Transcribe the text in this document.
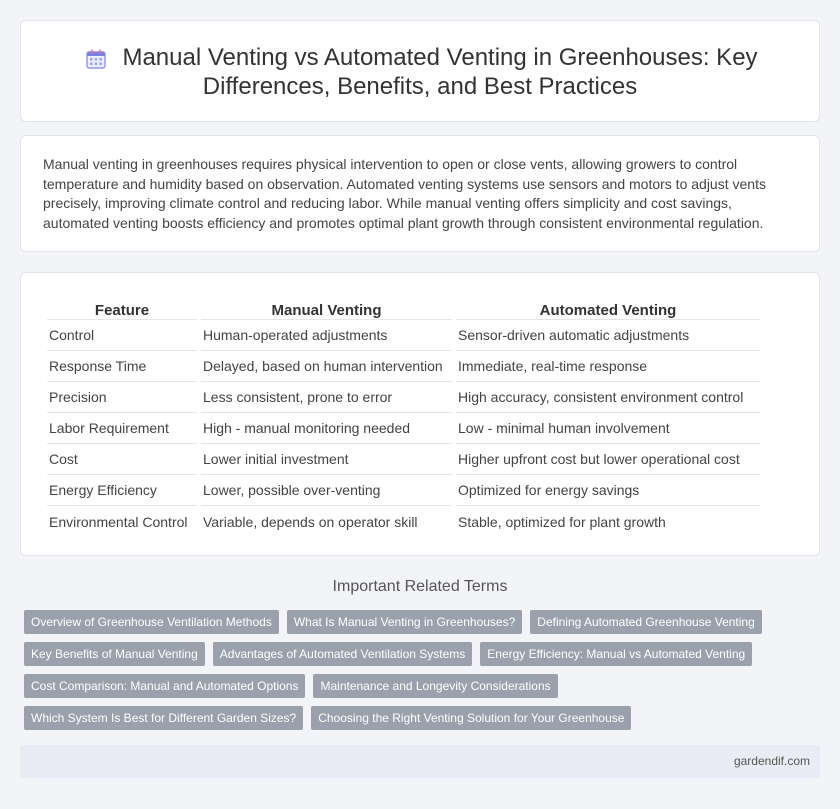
Manual Venting vs Automated Venting in Greenhouses: Key
Differences, Benefits, and Best Practices

Manual venting in greenhouses requires physical intervention to open or close vents, allowing growers to control temperature and humidity based on observation. Automated venting systems use sensors and motors to adjust vents precisely, improving climate control and reducing labor. While manual venting offers simplicity and cost savings, automated venting boosts efficiency and promotes optimal plant growth through consistent environmental regulation.

Feature	Manual Venting	Automated Venting
Control	Human-operated adjustments	Sensor-driven automatic adjustments
Response Time	Delayed, based on human intervention	Immediate, real-time response
Precision	Less consistent, prone to error	High accuracy, consistent environment control
Labor Requirement	High - manual monitoring needed	Low - minimal human involvement
Cost	Lower initial investment	Higher upfront cost but lower operational cost
Energy Efficiency	Lower, possible over-venting	Optimized for energy savings
Environmental Control	Variable, depends on operator skill	Stable, optimized for plant growth
Important Related Terms
Overview of Greenhouse Ventilation Methods	What Is Manual Venting in Greenhouses?	Defining Automated Greenhouse Venting
Key Benefits of Manual Venting	Advantages of Automated Ventilation Systems	Energy Efficiency: Manual vs Automated Venting
Cost Comparison: Manual and Automated Options	Maintenance and Longevity Considerations
Which System Is Best for Different Garden Sizes?	Choosing the Right Venting Solution for Your Greenhouse
gardendif.com
